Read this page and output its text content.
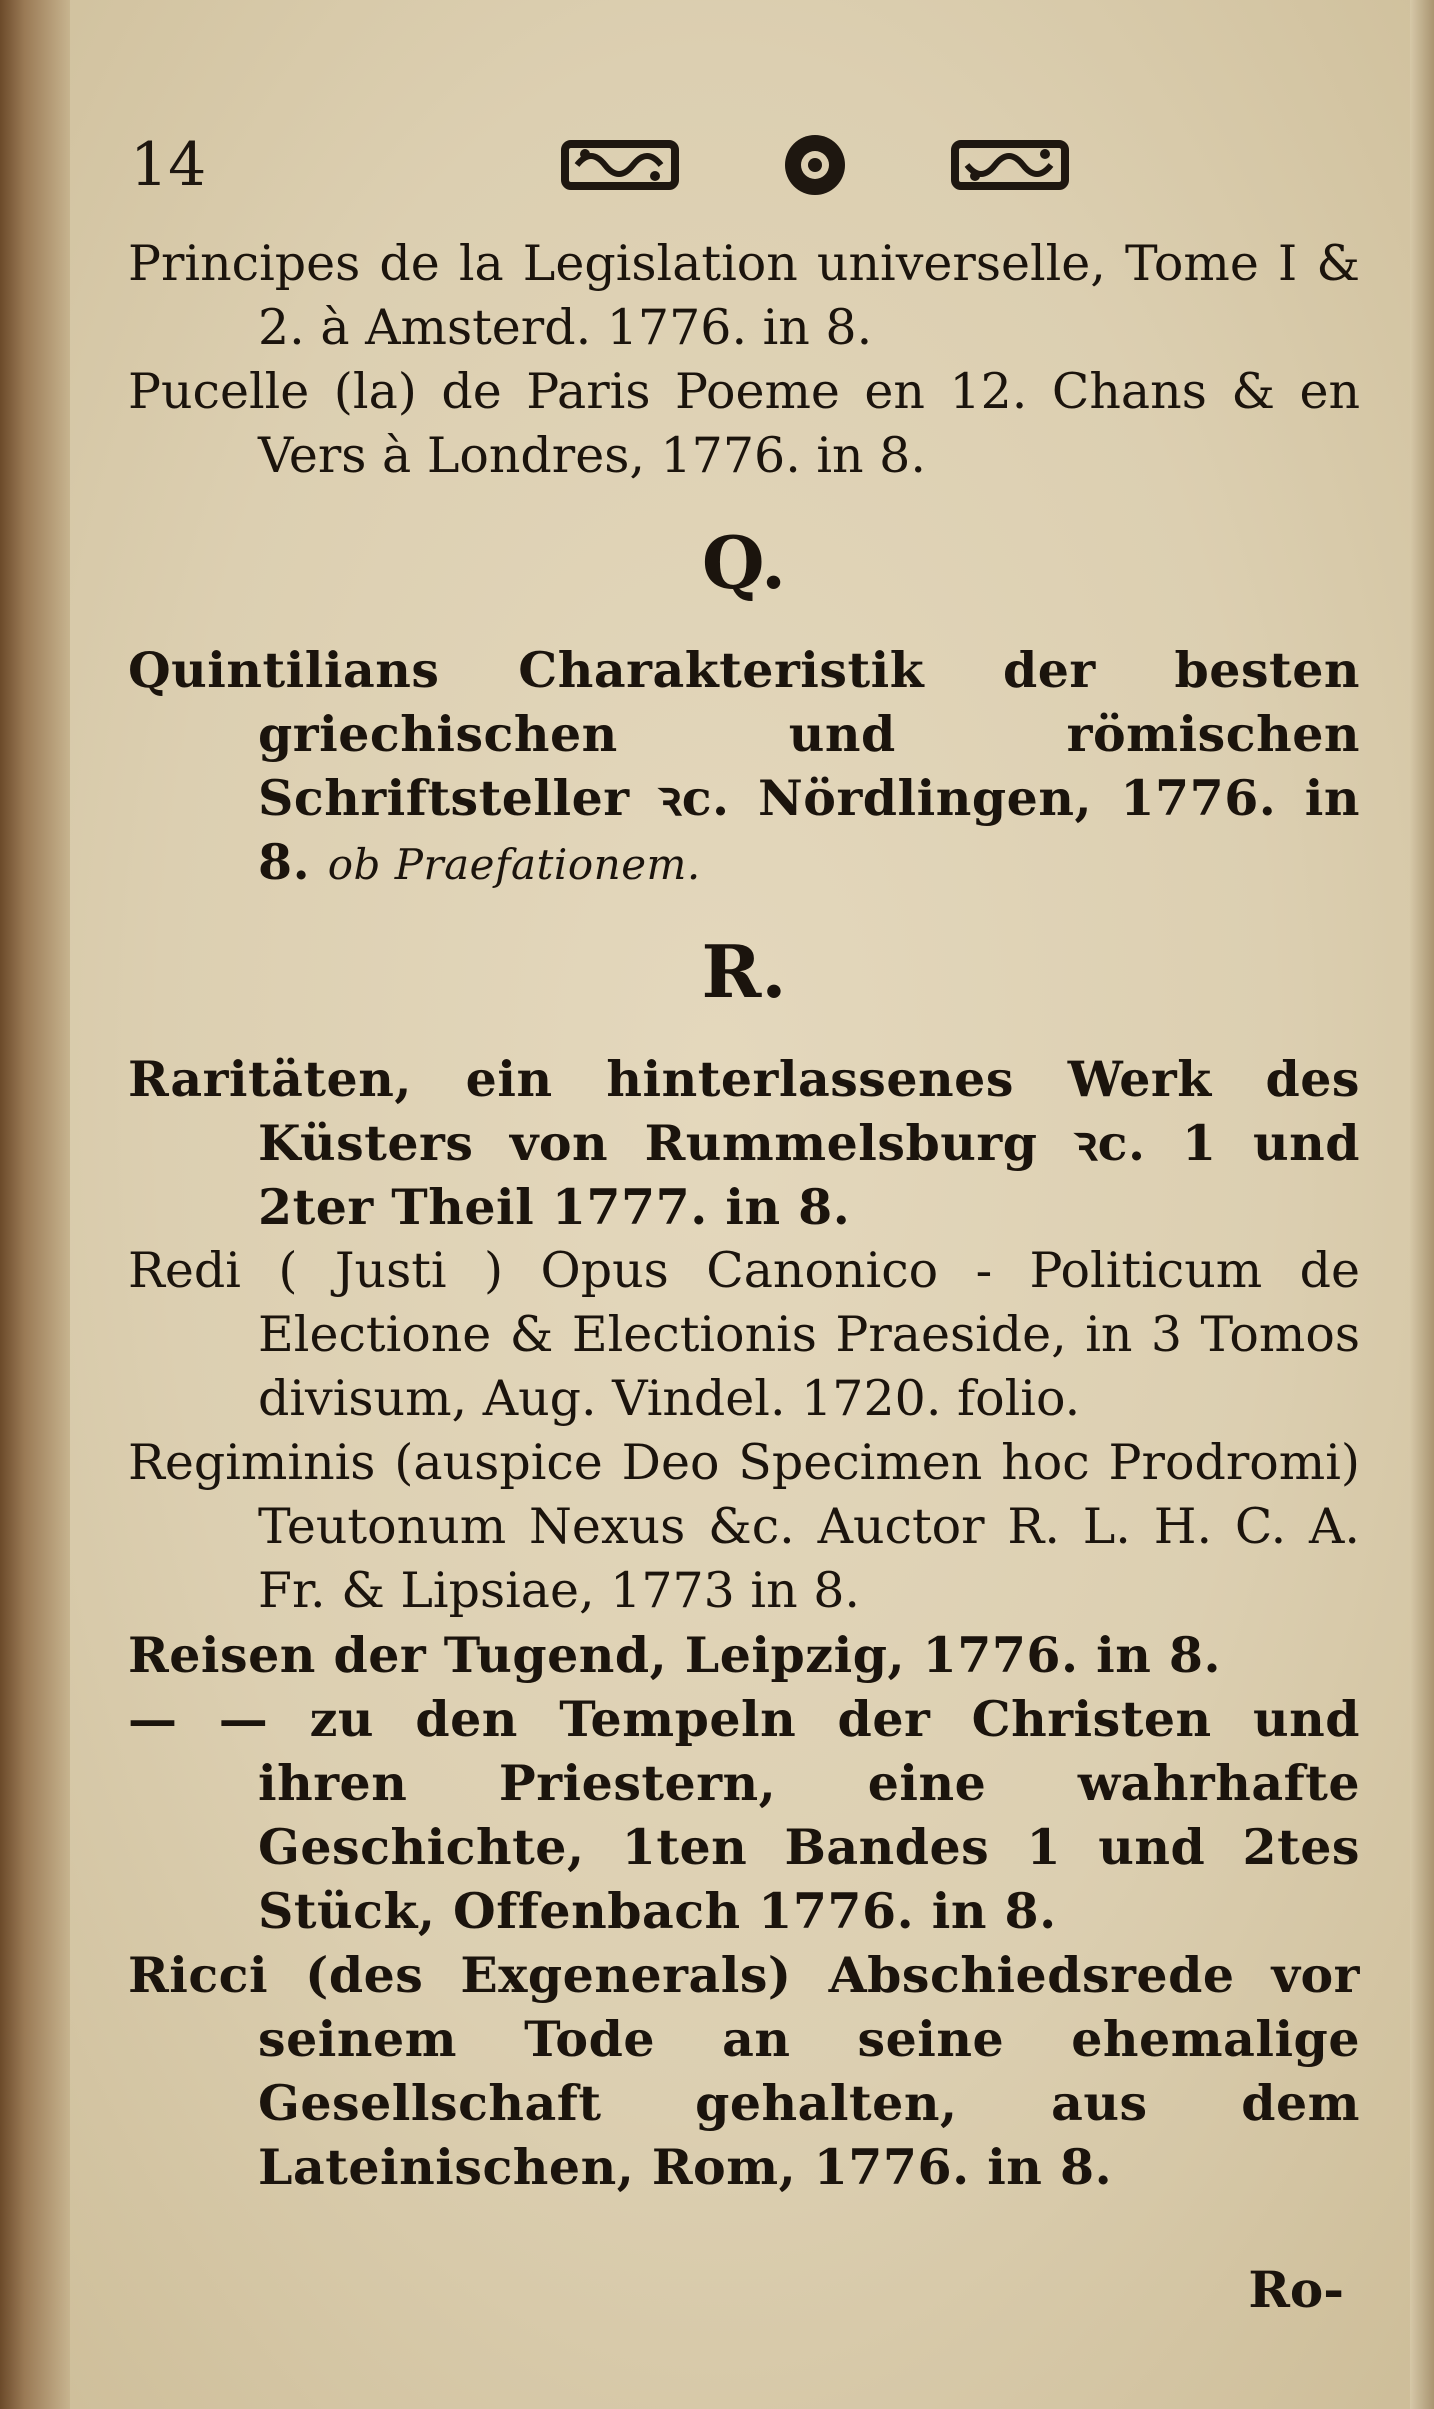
14

Principes de la Legislation universelle, Tome I & 2. à Amsterd. 1776. in 8.

Pucelle (la) de Paris Poeme en 12. Chans & en Vers à Londres, 1776. in 8.

Q.

Quintilians Charakteristik der besten griechischen und römischen Schriftsteller ꝛc. Nördlingen, 1776. in 8. ob Praefationem.

R.

Raritäten, ein hinterlassenes Werk des Küsters von Rummelsburg ꝛc. 1 und 2ter Theil 1777. in 8.

Redi ( Justi ) Opus Canonico - Politicum de Electione & Electionis Praeside, in 3 Tomos divisum, Aug. Vindel. 1720. folio.

Regiminis (auspice Deo Specimen hoc Prodromi) Teutonum Nexus &c. Auctor R. L. H. C. A. Fr. & Lipsiae, 1773 in 8.

Reisen der Tugend, Leipzig, 1776. in 8.

— — zu den Tempeln der Christen und ihren Priestern, eine wahrhafte Geschichte, 1ten Bandes 1 und 2tes Stück, Offenbach 1776. in 8.

Ricci (des Exgenerals) Abschiedsrede vor seinem Tode an seine ehemalige Gesellschaft gehalten, aus dem Lateinischen, Rom, 1776. in 8.

Ro-
